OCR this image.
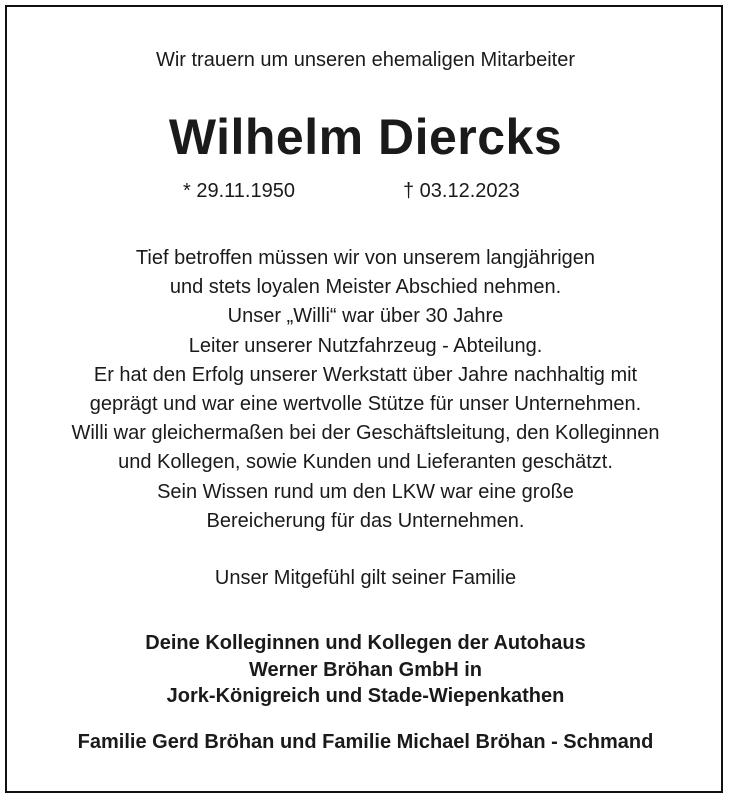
Wir trauern um unseren ehemaligen Mitarbeiter
Wilhelm Diercks
* 29.11.1950	† 03.12.2023
Tief betroffen müssen wir von unserem langjährigen
und stets loyalen Meister Abschied nehmen.
Unser „Willi“ war über 30 Jahre
Leiter unserer Nutzfahrzeug - Abteilung.
Er hat den Erfolg unserer Werkstatt über Jahre nachhaltig mit
geprägt und war eine wertvolle Stütze für unser Unternehmen.
Willi war gleichermaßen bei der Geschäftsleitung, den Kolleginnen
und Kollegen, sowie Kunden und Lieferanten geschätzt.
Sein Wissen rund um den LKW war eine große
Bereicherung für das Unternehmen.
Unser Mitgefühl gilt seiner Familie
Deine Kolleginnen und Kollegen der Autohaus
Werner Bröhan GmbH in
Jork-Königreich und Stade-Wiepenkathen
Familie Gerd Bröhan und Familie Michael Bröhan - Schmand
